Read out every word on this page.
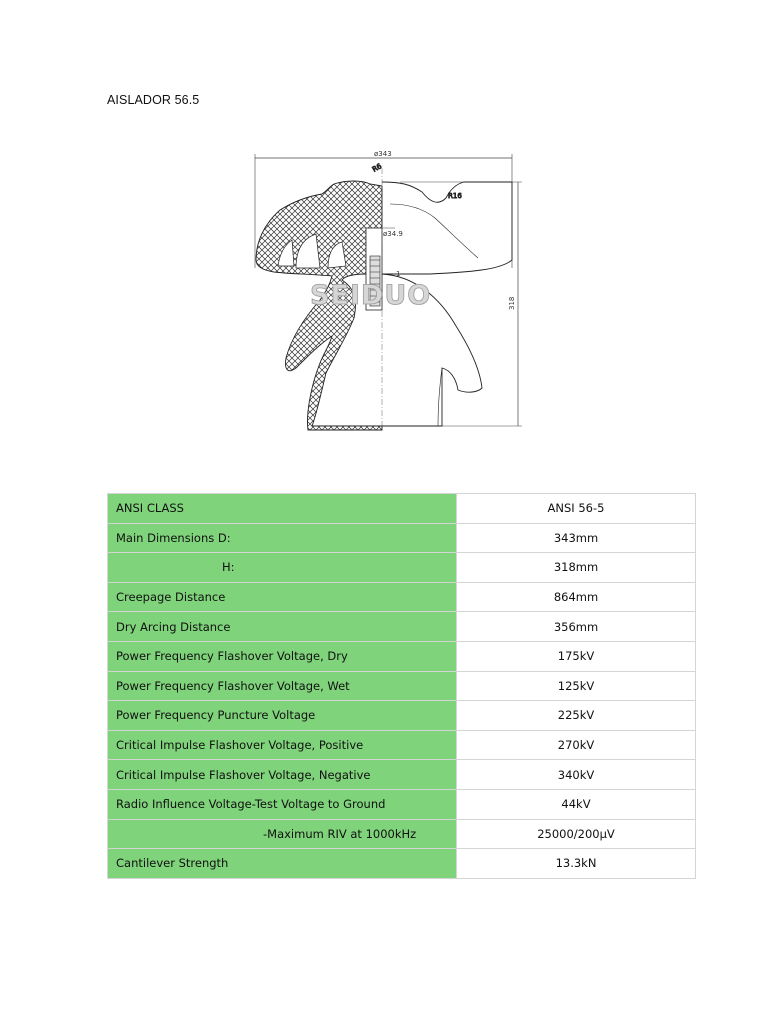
AISLADOR 56.5
ø343
318
R16
R6
ø34.9
1
SEIDUO
ANSI CLASS	ANSI 56-5
Main Dimensions D:	343mm
H:	318mm
Creepage Distance	864mm
Dry Arcing Distance	356mm
Power Frequency Flashover Voltage, Dry	175kV
Power Frequency Flashover Voltage, Wet	125kV
Power Frequency Puncture Voltage	225kV
Critical Impulse Flashover Voltage, Positive	270kV
Critical Impulse Flashover Voltage, Negative	340kV
Radio Influence Voltage-Test Voltage to Ground	44kV
-Maximum RIV at 1000kHz	25000/200μV
Cantilever Strength	13.3kN
